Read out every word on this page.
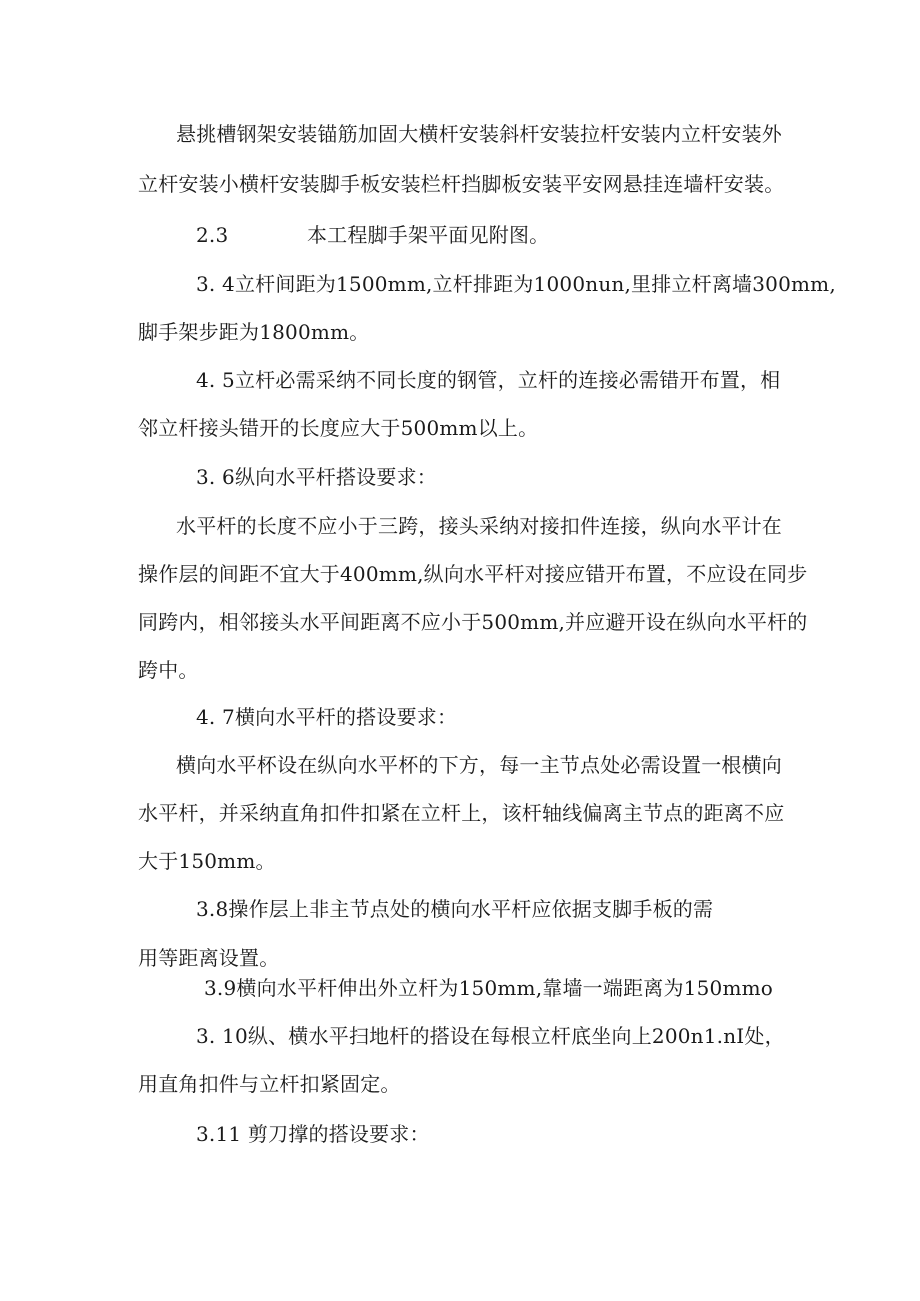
悬挑槽钢架安装锚筋加固大横杆安装斜杆安装拉杆安装内立杆安装外
立杆安装小横杆安装脚手板安装栏杆挡脚板安装平安网悬挂连墙杆安装。
2.3 本工程脚手架平面见附图。
3. 4立杆间距为1500mm,立杆排距为1000nun,里排立杆离墙300mm,
脚手架步距为1800mm。
4. 5立杆必需采纳不同长度的钢管，立杆的连接必需错开布置，相
邻立杆接头错开的长度应大于500mm以上。
3. 6纵向水平杆搭设要求：
水平杆的长度不应小于三跨，接头采纳对接扣件连接，纵向水平计在
操作层的间距不宜大于400mm,纵向水平杆对接应错开布置，不应设在同步
同跨内，相邻接头水平间距离不应小于500mm,并应避开设在纵向水平杆的
跨中。
4. 7横向水平杆的搭设要求：
横向水平杯设在纵向水平杯的下方，每一主节点处必需设置一根横向
水平杆，并采纳直角扣件扣紧在立杆上，该杆轴线偏离主节点的距离不应
大于150mm。
3.8操作层上非主节点处的横向水平杆应依据支脚手板的需
用等距离设置。
3.9横向水平杆伸出外立杆为150mm,靠墙一端距离为150mmo
3. 10纵、横水平扫地杆的搭设在每根立杆底坐向上200n1.nI处，
用直角扣件与立杆扣紧固定。
3.11 剪刀撑的搭设要求：
